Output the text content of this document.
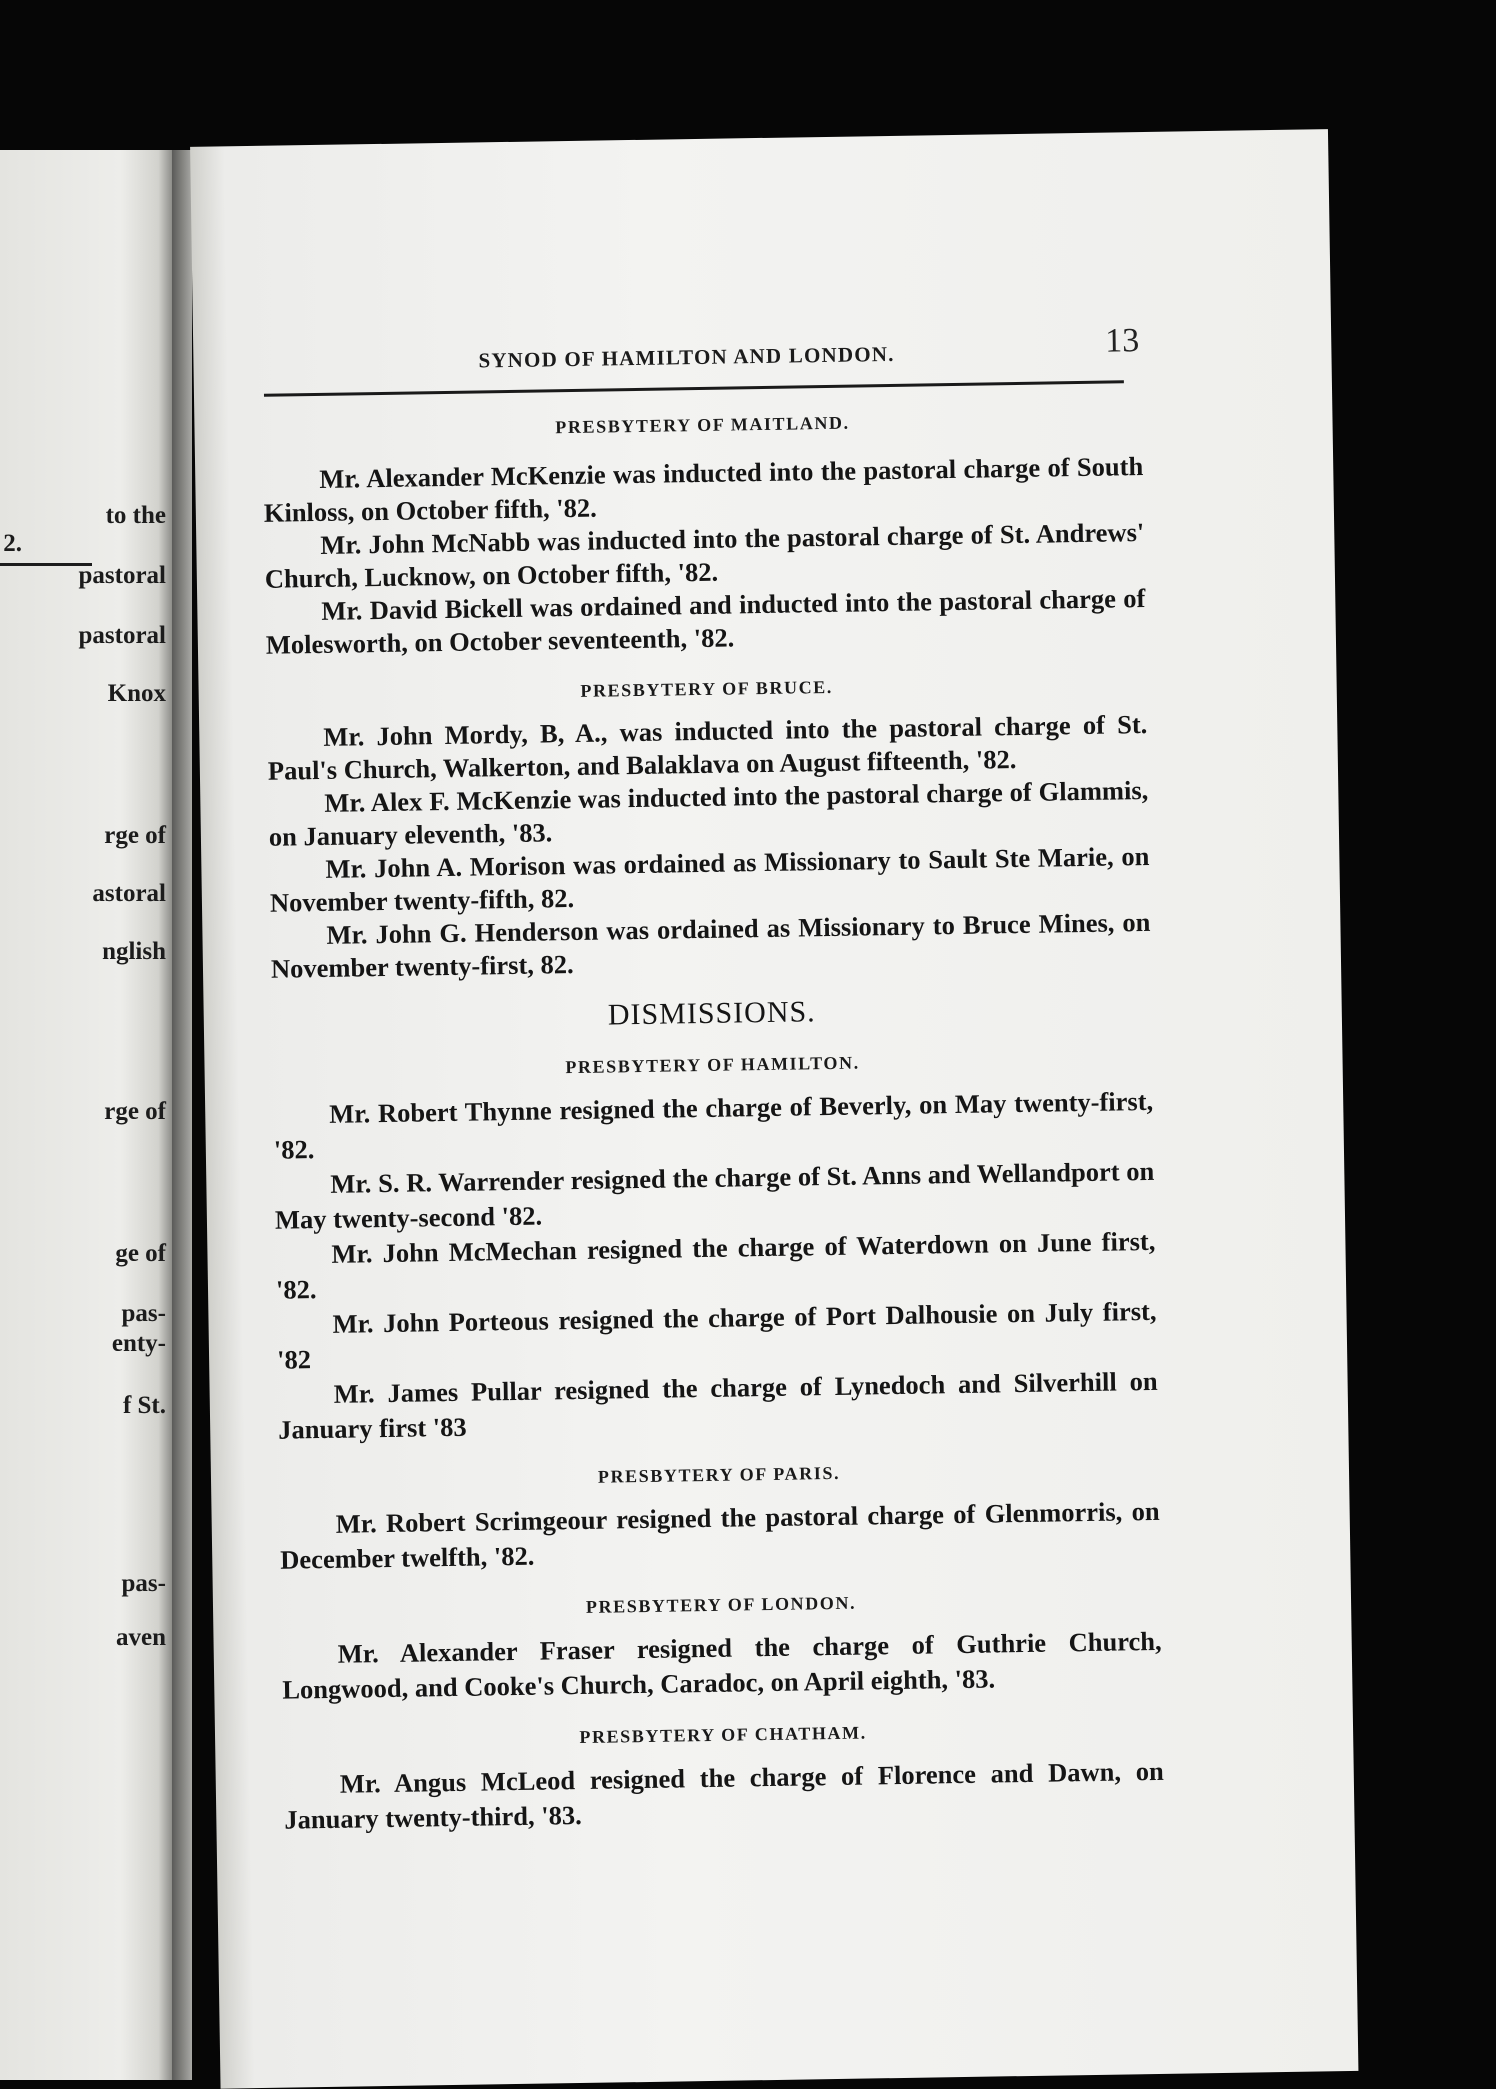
to the
2.
pastoral
pastoral
Knox
rge of
astoral
nglish
rge of
ge of
pas-
enty-
f St.
pas-
aven
SYNOD OF HAMILTON AND LONDON.	13
PRESBYTERY OF MAITLAND.

Mr. Alexander McKenzie was inducted into the pastoral charge of South Kinloss, on October fifth, '82.

Mr. John McNabb was inducted into the pastoral charge of St. Andrews' Church, Lucknow, on October fifth, '82.

Mr. David Bickell was ordained and inducted into the pastoral charge of Molesworth, on October seventeenth, '82.

PRESBYTERY OF BRUCE.

Mr. John Mordy, B, A., was inducted into the pastoral charge of St. Paul's Church, Walkerton, and Balaklava on August fifteenth, '82.

Mr. Alex F. McKenzie was inducted into the pastoral charge of Glammis, on January eleventh, '83.

Mr. John A. Morison was ordained as Missionary to Sault Ste Marie, on November twenty-fifth, 82.

Mr. John G. Henderson was ordained as Missionary to Bruce Mines, on November twenty-first, 82.

DISMISSIONS.
PRESBYTERY OF HAMILTON.

Mr. Robert Thynne resigned the charge of Beverly, on May twenty-first, '82.

Mr. S. R. Warrender resigned the charge of St. Anns and Wellandport on May twenty-second '82.

Mr. John McMechan resigned the charge of Waterdown on June first, '82.

Mr. John Porteous resigned the charge of Port Dalhousie on July first, '82

Mr. James Pullar resigned the charge of Lynedoch and Silverhill on January first '83

PRESBYTERY OF PARIS.

Mr. Robert Scrimgeour resigned the pastoral charge of Glenmorris, on December twelfth, '82.

PRESBYTERY OF LONDON.

Mr. Alexander Fraser resigned the charge of Guthrie Church, Longwood, and Cooke's Church, Caradoc, on April eighth, '83.

PRESBYTERY OF CHATHAM.

Mr. Angus McLeod resigned the charge of Florence and Dawn, on January twenty-third, '83.
